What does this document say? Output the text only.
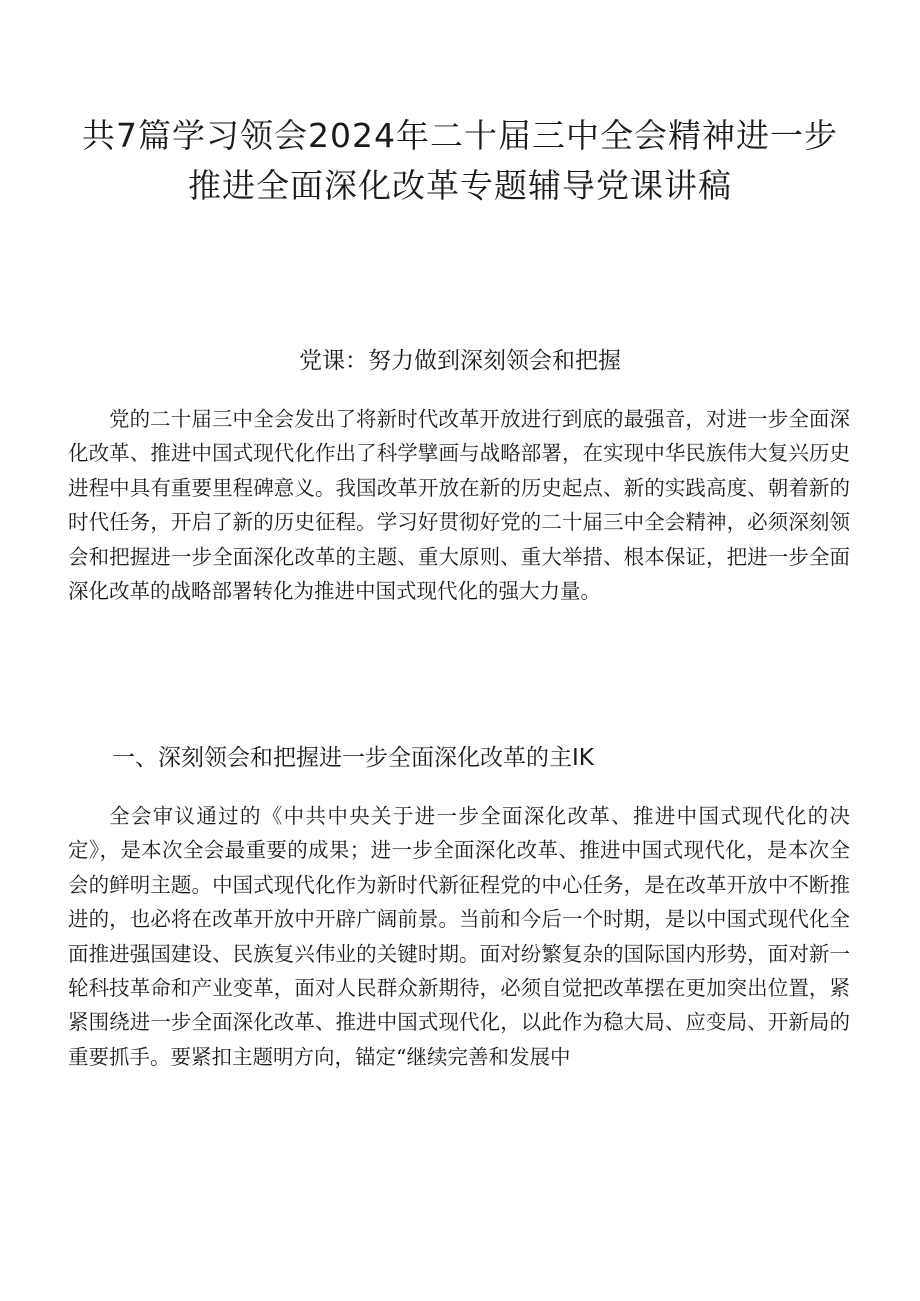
共7篇学习领会2024年二十届三中全会精神进一步
推进全面深化改革专题辅导党课讲稿
党课：努力做到深刻领会和把握

党的二十届三中全会发出了将新时代改革开放进行到底的最强音，对进一步全面深化改革、推进中国式现代化作出了科学擘画与战略部署，在实现中华民族伟大复兴历史进程中具有重要里程碑意义。我国改革开放在新的历史起点、新的实践高度、朝着新的时代任务，开启了新的历史征程。学习好贯彻好党的二十届三中全会精神，必须深刻领会和把握进一步全面深化改革的主题、重大原则、重大举措、根本保证，把进一步全面深化改革的战略部署转化为推进中国式现代化的强大力量。

一、深刻领会和把握进一步全面深化改革的主IK

全会审议通过的《中共中央关于进一步全面深化改革、推进中国式现代化的决定》，是本次全会最重要的成果；进一步全面深化改革、推进中国式现代化，是本次全会的鲜明主题。中国式现代化作为新时代新征程党的中心任务，是在改革开放中不断推进的，也必将在改革开放中开辟广阔前景。当前和今后一个时期，是以中国式现代化全面推进强国建设、民族复兴伟业的关键时期。面对纷繁复杂的国际国内形势，面对新一轮科技革命和产业变革，面对人民群众新期待，必须自觉把改革摆在更加突出位置，紧紧围绕进一步全面深化改革、推进中国式现代化，以此作为稳大局、应变局、开新局的重要抓手。要紧扣主题明方向，锚定“继续完善和发展中
